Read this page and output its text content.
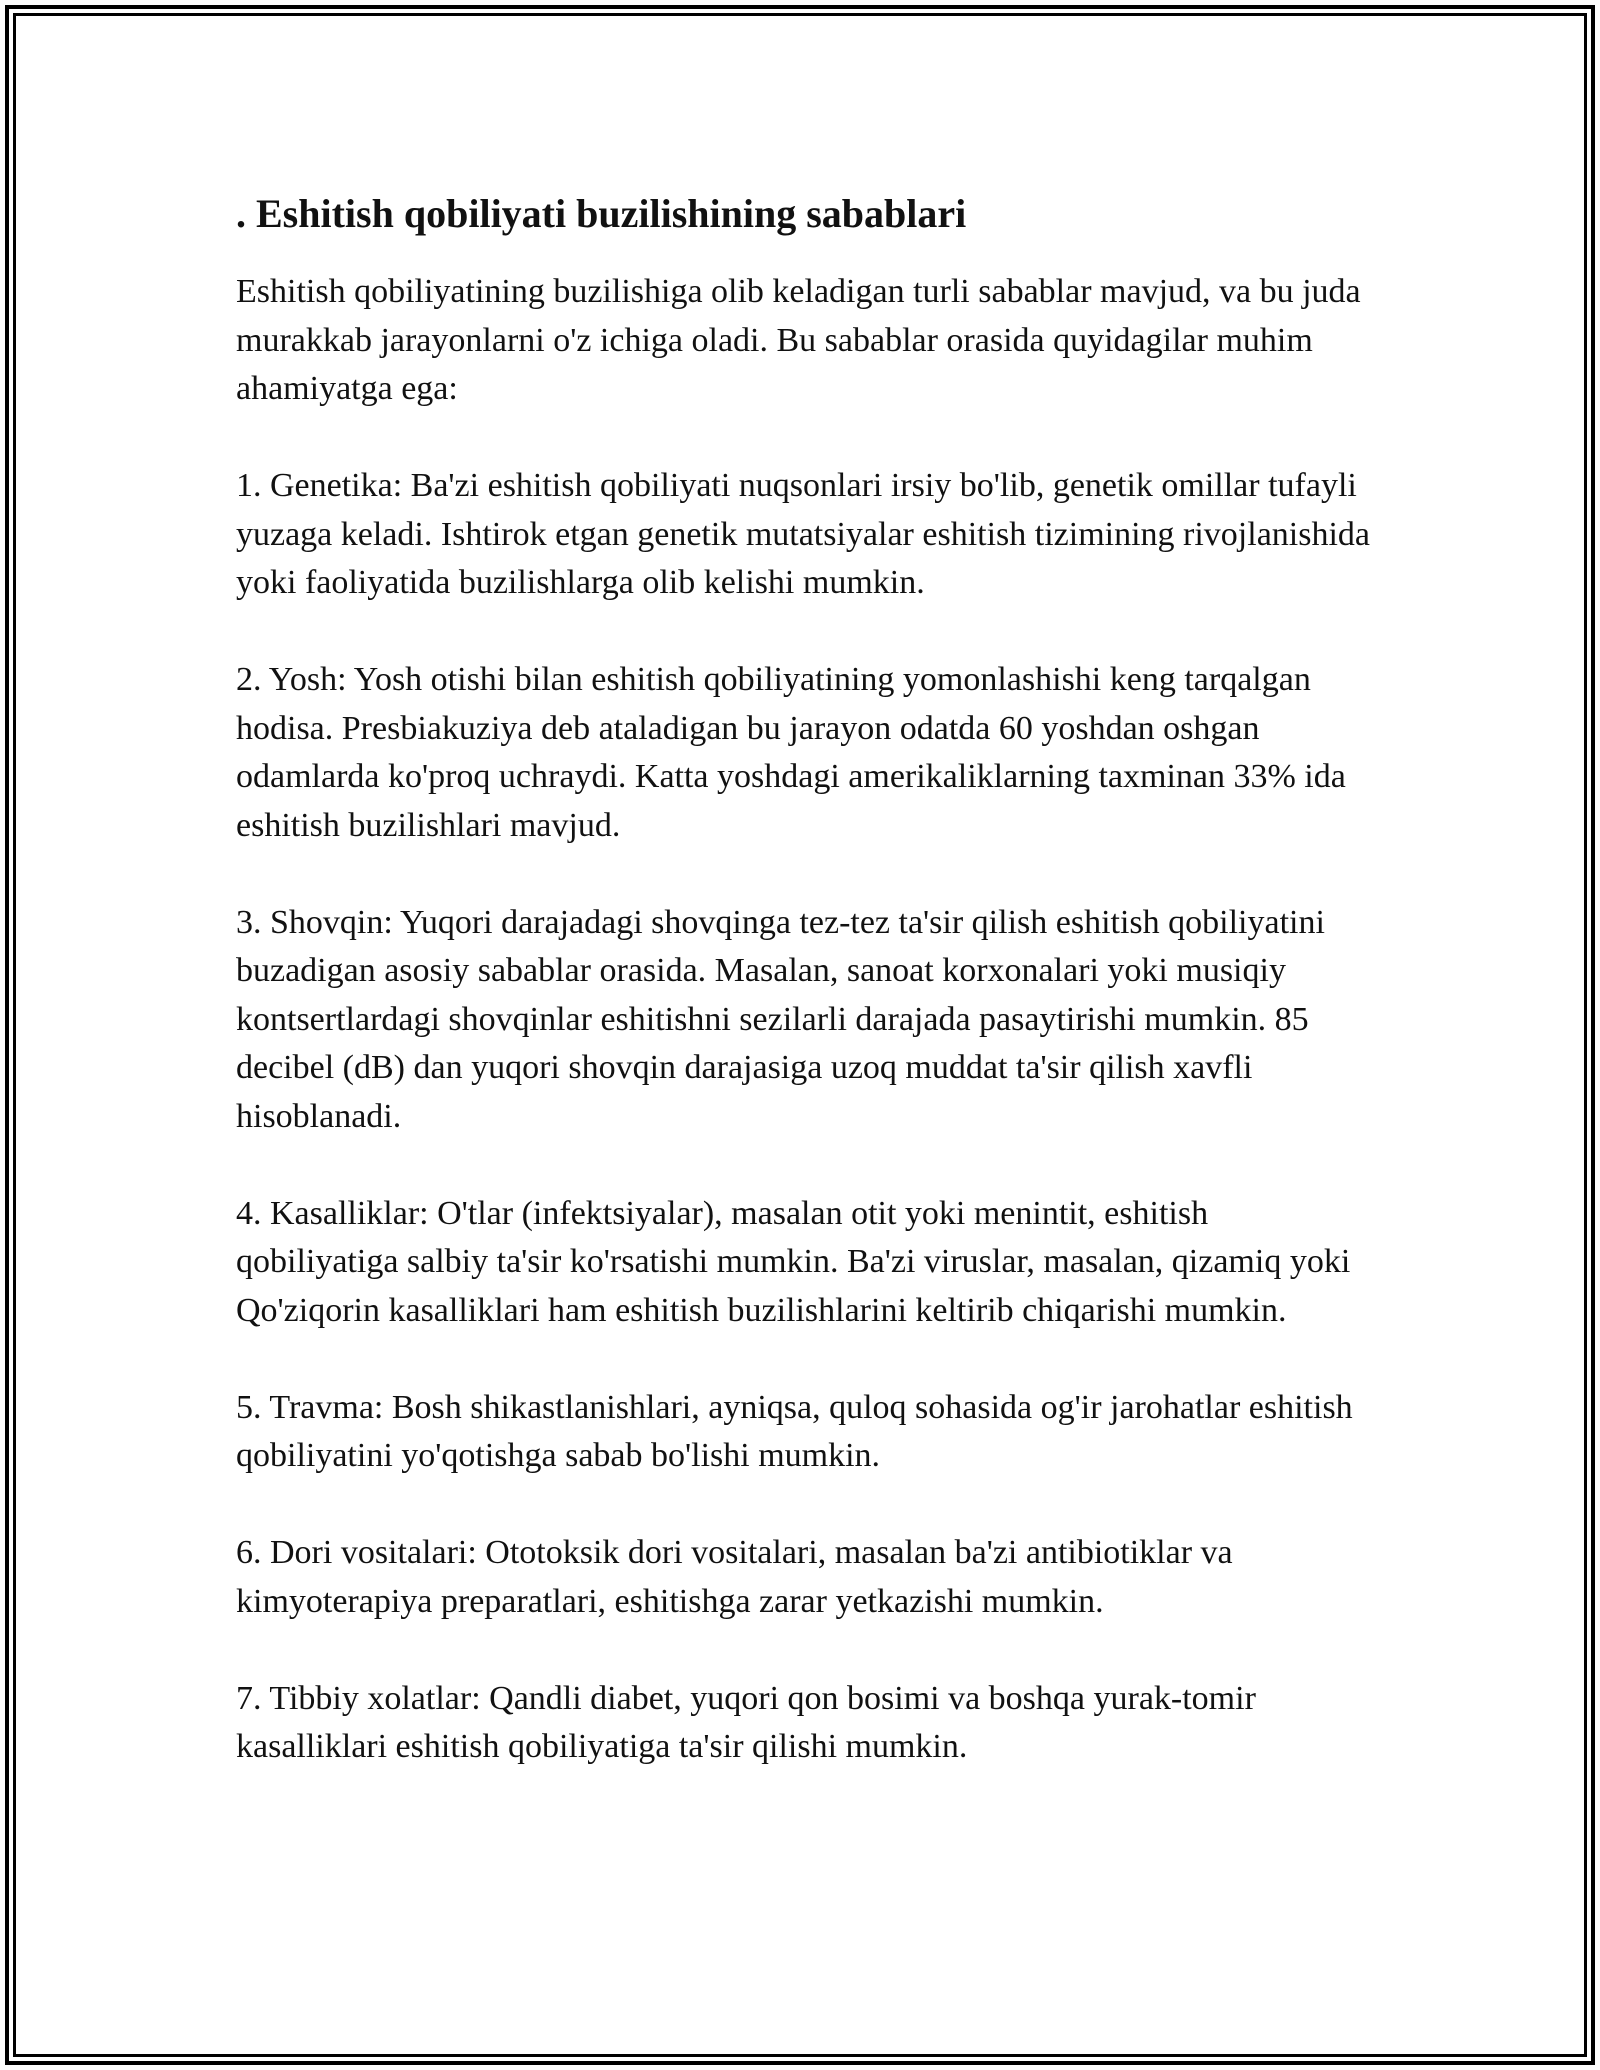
. Eshitish qobiliyati buzilishining sabablari

Eshitish qobiliyatining buzilishiga olib keladigan turli sabablar mavjud, va bu juda murakkab jarayonlarni o'z ichiga oladi. Bu sabablar orasida quyidagilar muhim ahamiyatga ega:

1. Genetika: Ba'zi eshitish qobiliyati nuqsonlari irsiy bo'lib, genetik omillar tufayli yuzaga keladi. Ishtirok etgan genetik mutatsiyalar eshitish tizimining rivojlanishida yoki faoliyatida buzilishlarga olib kelishi mumkin.

2. Yosh: Yosh otishi bilan eshitish qobiliyatining yomonlashishi keng tarqalgan hodisa. Presbiakuziya deb ataladigan bu jarayon odatda 60 yoshdan oshgan odamlarda ko'proq uchraydi. Katta yoshdagi amerikaliklarning taxminan 33% ida eshitish buzilishlari mavjud.

3. Shovqin: Yuqori darajadagi shovqinga tez-tez ta'sir qilish eshitish qobiliyatini buzadigan asosiy sabablar orasida. Masalan, sanoat korxonalari yoki musiqiy kontsertlardagi shovqinlar eshitishni sezilarli darajada pasaytirishi mumkin. 85 decibel (dB) dan yuqori shovqin darajasiga uzoq muddat ta'sir qilish xavfli hisoblanadi.

4. Kasalliklar: O'tlar (infektsiyalar), masalan otit yoki menintit, eshitish qobiliyatiga salbiy ta'sir ko'rsatishi mumkin. Ba'zi viruslar, masalan, qizamiq yoki Qo'ziqorin kasalliklari ham eshitish buzilishlarini keltirib chiqarishi mumkin.

5. Travma: Bosh shikastlanishlari, ayniqsa, quloq sohasida og'ir jarohatlar eshitish qobiliyatini yo'qotishga sabab bo'lishi mumkin.

6. Dori vositalari: Ototoksik dori vositalari, masalan ba'zi antibiotiklar va kimyoterapiya preparatlari, eshitishga zarar yetkazishi mumkin.

7. Tibbiy xolatlar: Qandli diabet, yuqori qon bosimi va boshqa yurak-tomir kasalliklari eshitish qobiliyatiga ta'sir qilishi mumkin.
